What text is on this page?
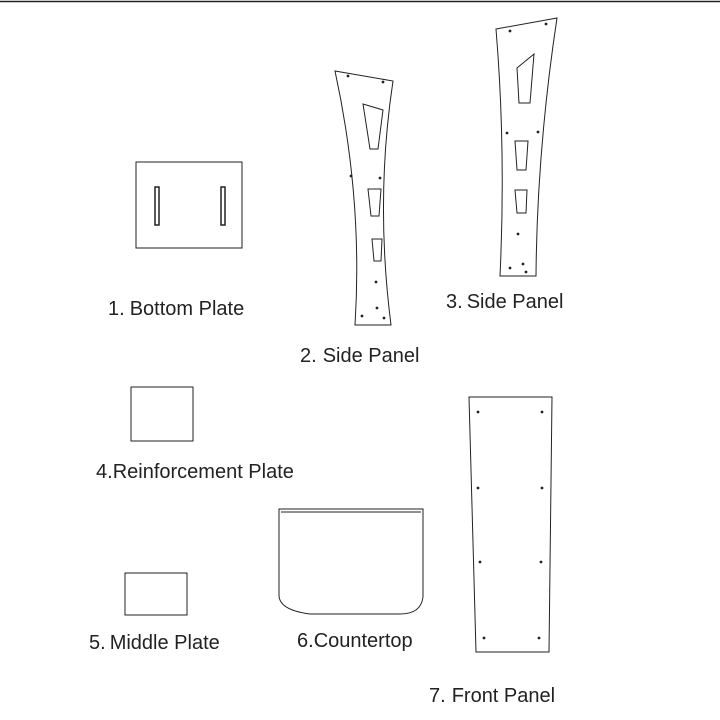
1. Bottom Plate
2. Side Panel
3. Side Panel
4.Reinforcement Plate
5. Middle Plate	6.Countertop
7. Front Panel
